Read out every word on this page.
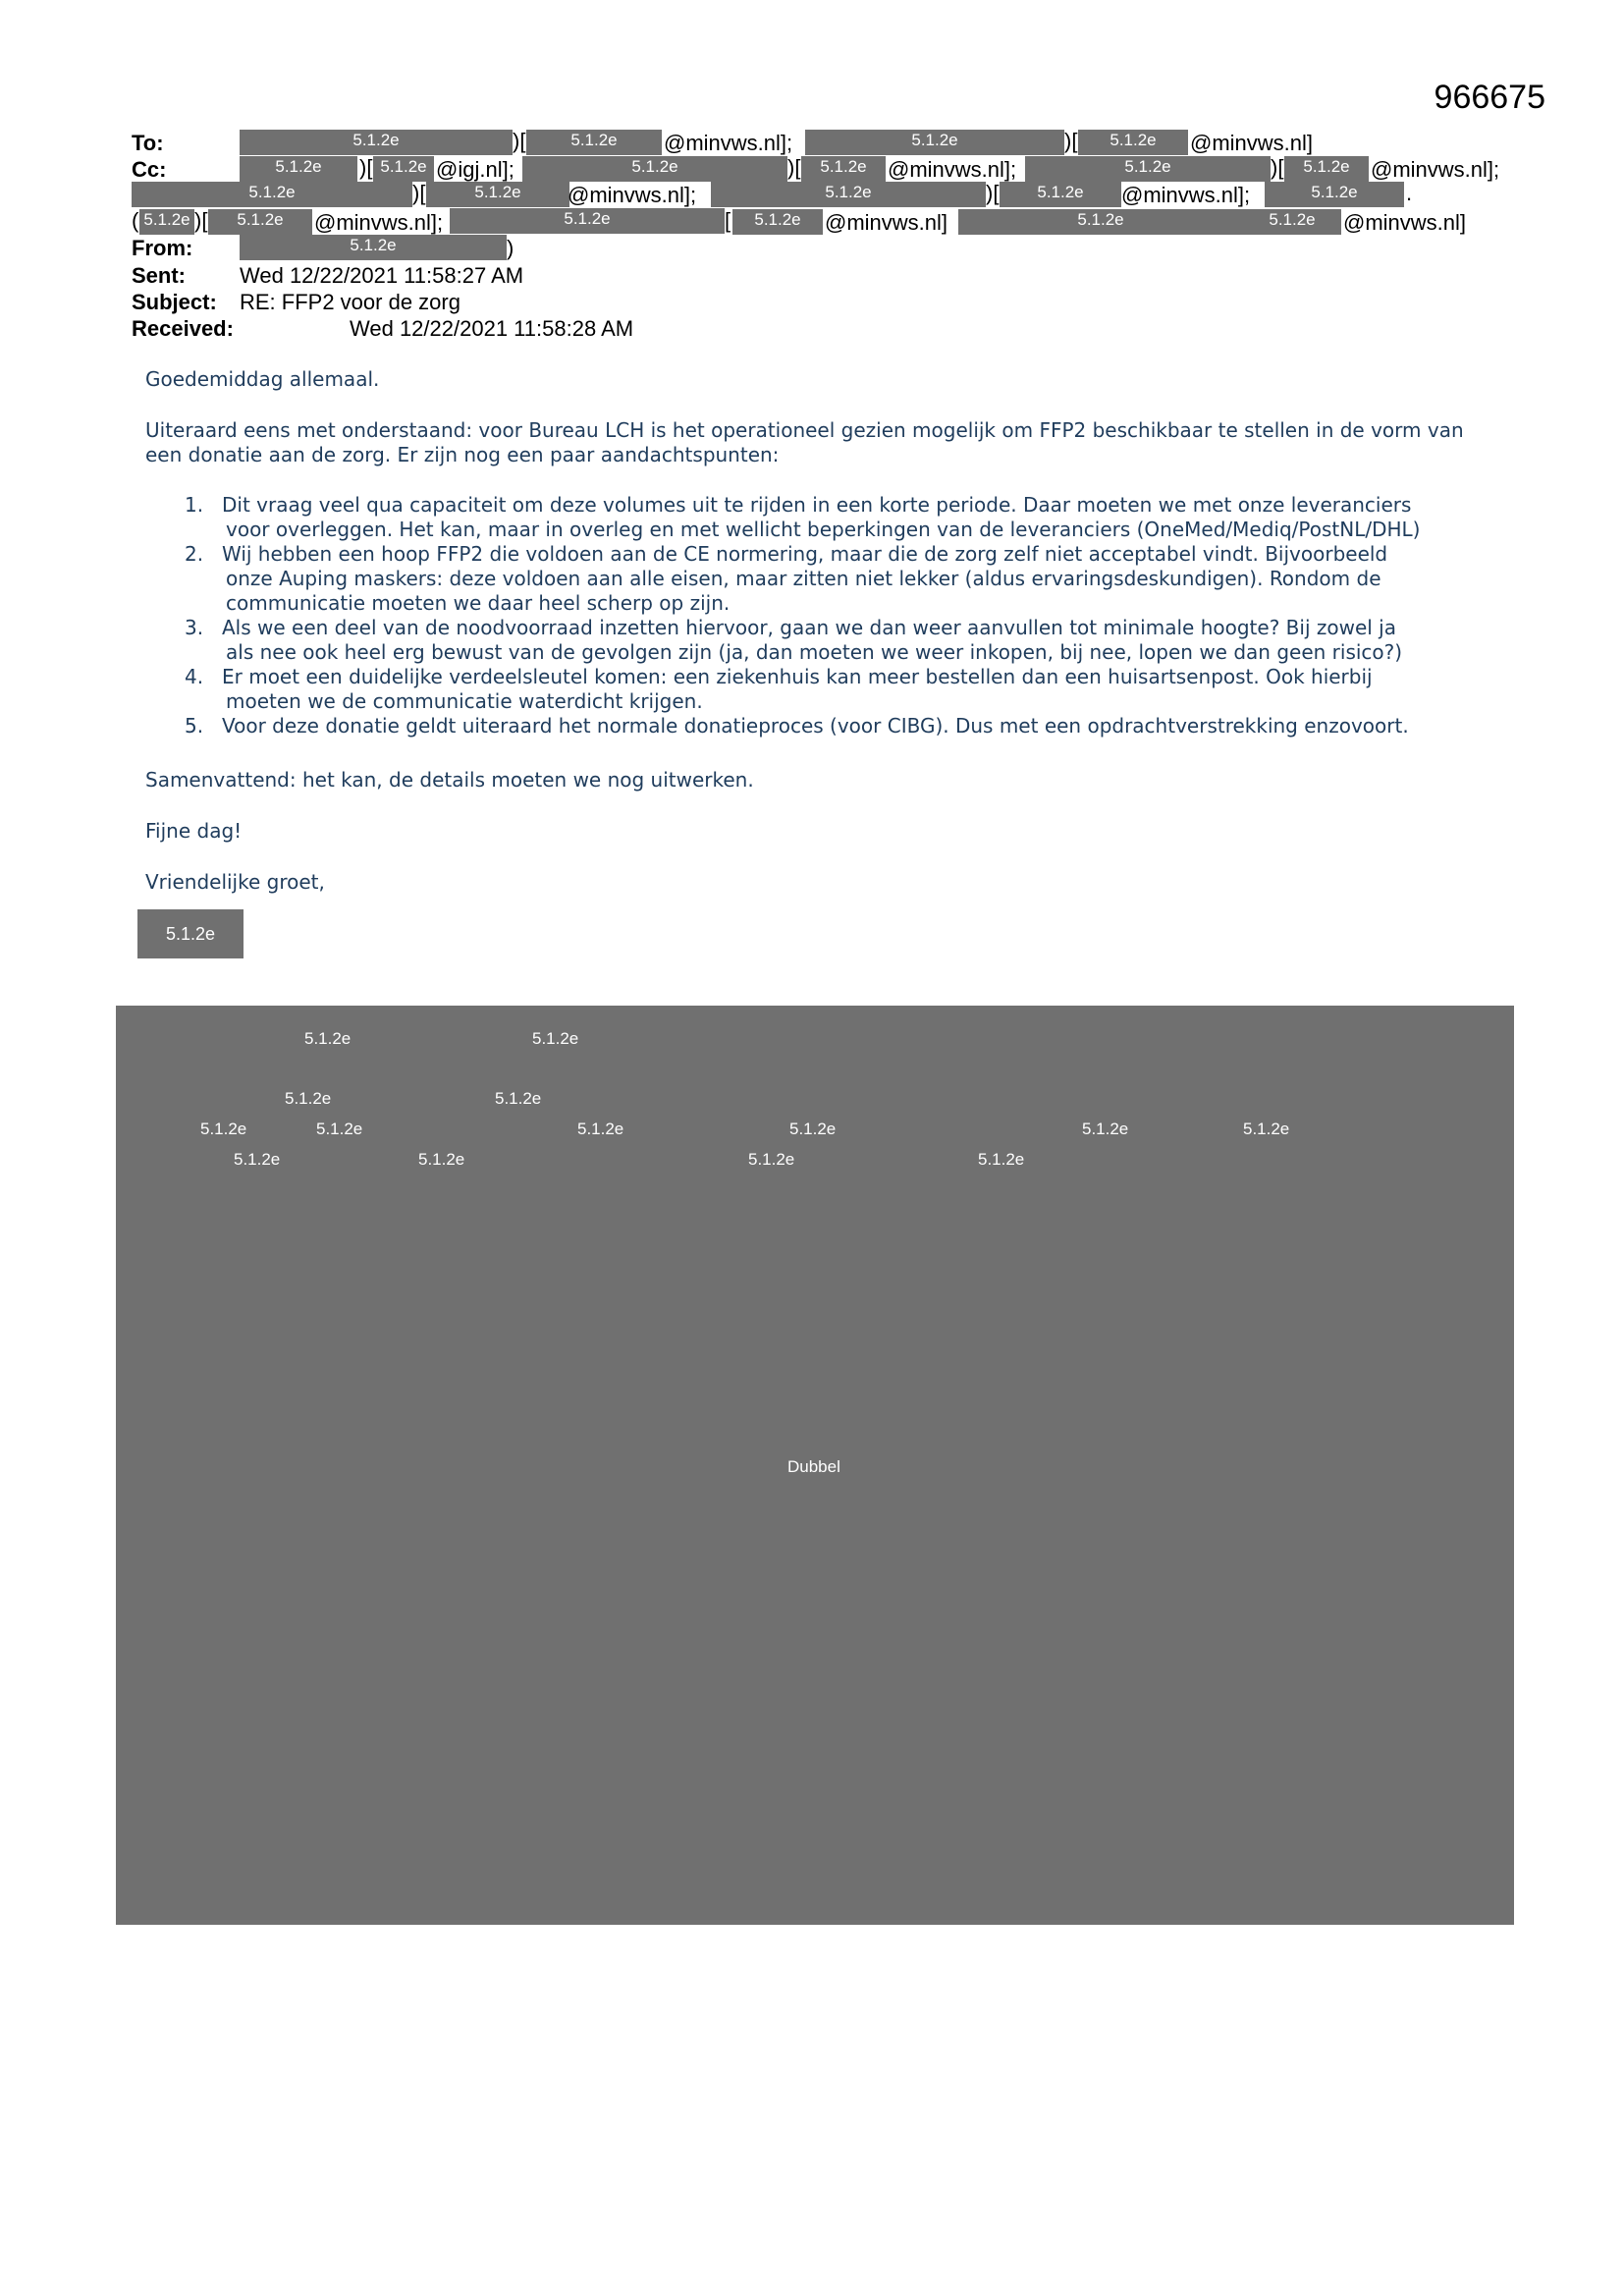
966675
To:	5.1.2e	)[	5.1.2e	@minvws.nl];	5.1.2e	)[	5.1.2e	@minvws.nl]
Cc:	5.1.2e	)[ 5.1.2e @igj.nl];	5.1.2e	)[	5.1.2e @minvws.nl];	5.1.2e	)[	5.1.2e @minvws.nl];
5.1.2e	)[	5.1.2e	@minvws.nl];	5.1.2e	)[	5.1.2e	@minvws.nl];	5.1.2e	.
( 5.1.2e )[	5.1.2e	@minvws.nl];	5.1.2e	[	5.1.2e	@minvws.nl]	5.1.2e	5.1.2e	@minvws.nl]
From:	5.1.2e	)
Sent:	Wed 12/22/2021 11:58:27 AM
Subject: RE: FFP2 voor de zorg
Received:	Wed 12/22/2021 11:58:28 AM
Goedemiddag allemaal.
Uiteraard eens met onderstaand: voor Bureau LCH is het operationeel gezien mogelijk om FFP2 beschikbaar te stellen in de vorm van een donatie aan de zorg. Er zijn nog een paar aandachtspunten:
1. Dit vraag veel qua capaciteit om deze volumes uit te rijden in een korte periode. Daar moeten we met onze leveranciers
voor overleggen. Het kan, maar in overleg en met wellicht beperkingen van de leveranciers (OneMed/Mediq/PostNL/DHL)
2. Wij hebben een hoop FFP2 die voldoen aan de CE normering, maar die de zorg zelf niet acceptabel vindt. Bijvoorbeeld
onze Auping maskers: deze voldoen aan alle eisen, maar zitten niet lekker (aldus ervaringsdeskundigen). Rondom de
communicatie moeten we daar heel scherp op zijn.
3. Als we een deel van de noodvoorraad inzetten hiervoor, gaan we dan weer aanvullen tot minimale hoogte? Bij zowel ja
als nee ook heel erg bewust van de gevolgen zijn (ja, dan moeten we weer inkopen, bij nee, lopen we dan geen risico?)
4. Er moet een duidelijke verdeelsleutel komen: een ziekenhuis kan meer bestellen dan een huisartsenpost. Ook hierbij
moeten we de communicatie waterdicht krijgen.
5. Voor deze donatie geldt uiteraard het normale donatieproces (voor CIBG). Dus met een opdrachtverstrekking enzovoort.
Samenvattend: het kan, de details moeten we nog uitwerken.
Fijne dag!
Vriendelijke groet,
5.1.2e
5.1.2e	5.1.2e
5.1.2e	5.1.2e
5.1.2e	5.1.2e	5.1.2e	5.1.2e	5.1.2e	5.1.2e
5.1.2e	5.1.2e	5.1.2e	5.1.2e
Dubbel
